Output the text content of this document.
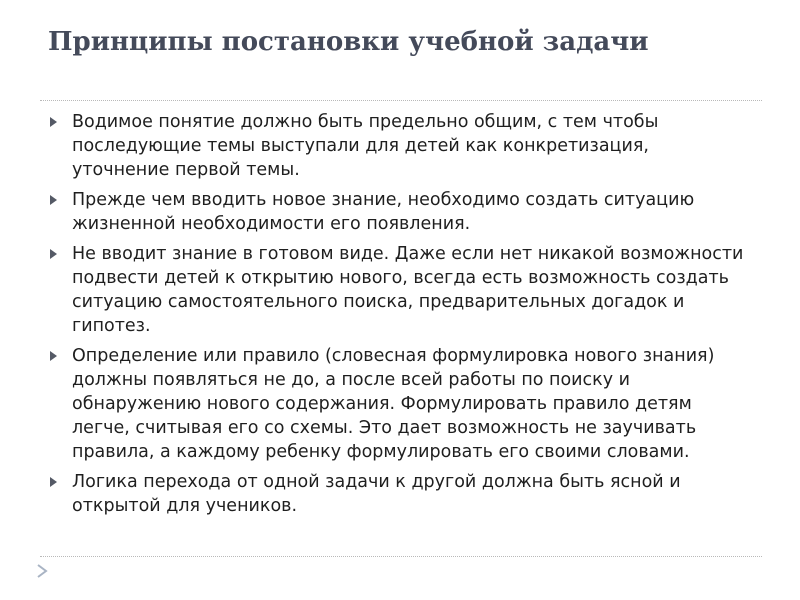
Принципы постановки учебной задачи
Водимое понятие должно быть предельно общим, с тем чтобы последующие темы выступали для детей как конкретизация, уточнение первой темы.
Прежде чем вводить новое знание, необходимо создать ситуацию жизненной необходимости его появления.
Не вводит знание в готовом виде. Даже если нет никакой возможности подвести детей к открытию нового, всегда есть возможность создать ситуацию самостоятельного поиска, предварительных догадок и гипотез.
Определение или правило (словесная формулировка нового знания) должны появляться не до, а после всей работы по поиску и обнаружению нового содержания. Формулировать правило детям легче, считывая его со схемы. Это дает возможность не заучивать правила, а каждому ребенку формулировать его своими словами.
Логика перехода от одной задачи к другой должна быть ясной и открытой для учеников.
